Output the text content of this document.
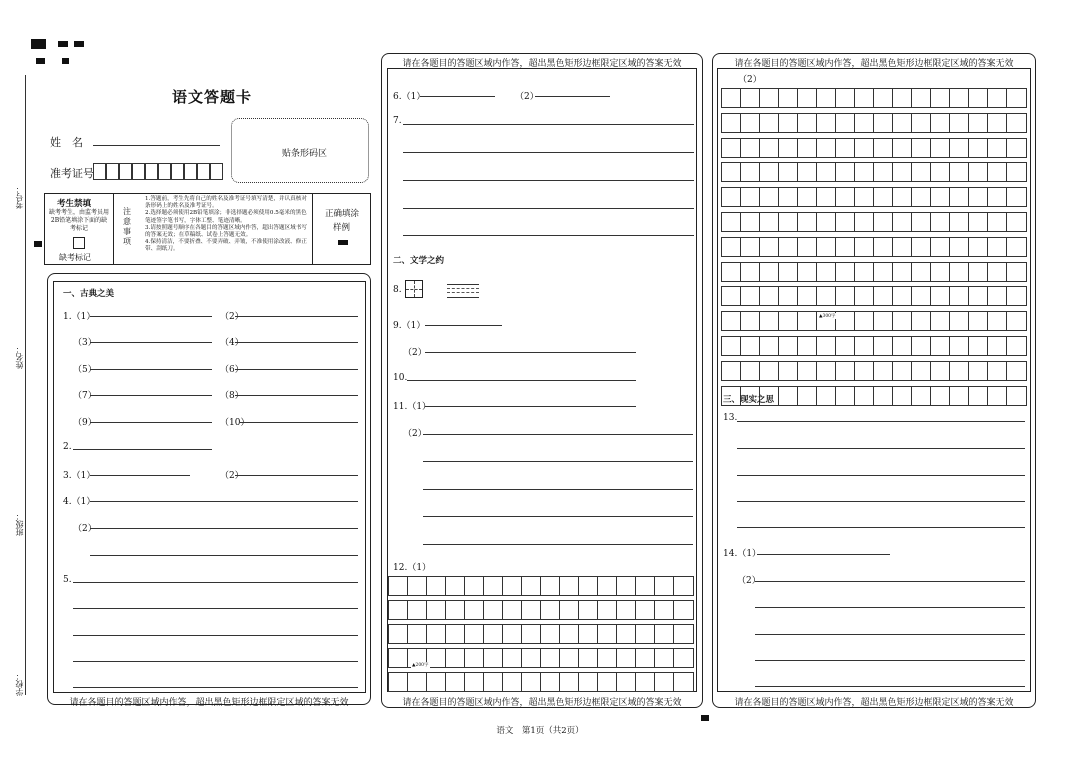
考号：
姓名：
班级：
学校：
语文答题卡
姓　名
贴条形码区
准考证号
考生禁填
缺考考生，由监考员用2B铅笔填涂下面的缺考标记
缺考标记
注意事项
1.答题前，考生先将自己的姓名及准考证号填写清楚，并认真核对条形码上的姓名及准考证号。
2.选择题必须使用2B铅笔填涂；非选择题必须使用0.5毫米的黑色笔迹签字笔书写，字体工整、笔迹清晰。
3.请按照题号顺序在各题目的答题区域内作答，超出答题区域书写的答案无效；在草稿纸、试卷上答题无效。
4.保持清洁，不要折叠、不要弄破、弄皱，不准使用涂改液、修正带、刮纸刀。
正确填涂
样例
请在各题目的答题区域内作答，超出黑色矩形边框限定区域的答案无效
一、古典之美
1.（1）	（2）
（3）	（4）
（5）	（6）
（7）	（8）
（9）	（10）
2.
3.（1）	（2）
4.（1）
（2）
5.
请在各题目的答题区域内作答，超出黑色矩形边框限定区域的答案无效
请在各题目的答题区域内作答，超出黑色矩形边框限定区域的答案无效
6.（1）	（2）
7.
二、文学之约
8.
9.（1）
（2）
10.
11.（1）
（2）
12.（1）
▲200字
请在各题目的答题区域内作答，超出黑色矩形边框限定区域的答案无效
请在各题目的答题区域内作答，超出黑色矩形边框限定区域的答案无效
（2）
▲300字
三、现实之思
13.
14.（1）
（2）
语文　第1页（共2页）
